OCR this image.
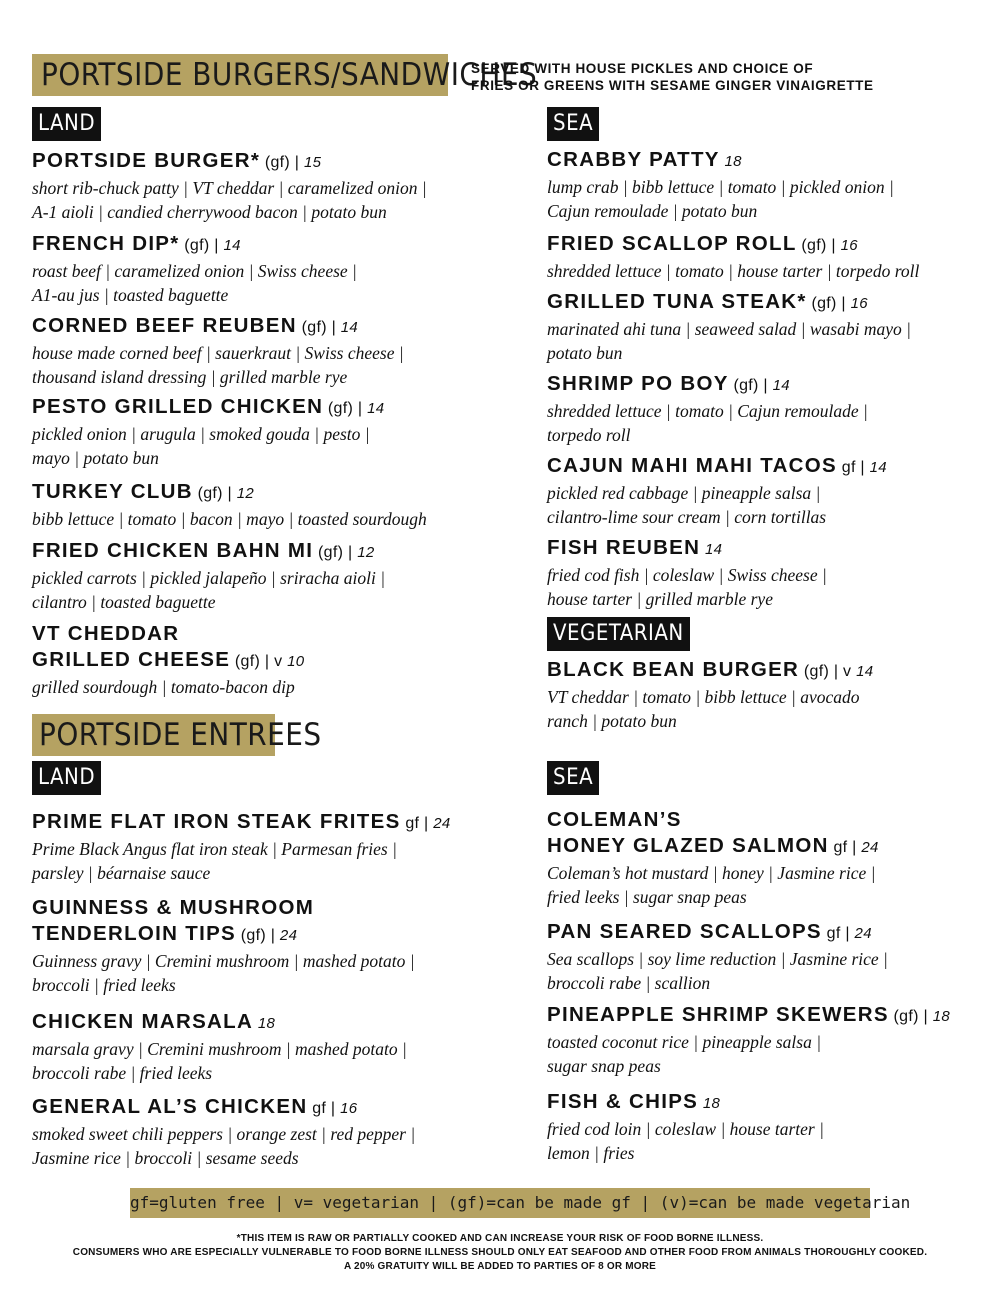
PORTSIDE BURGERS/SANDWICHES
SERVED WITH HOUSE PICKLES AND CHOICE OF
FRIES OR GREENS WITH SESAME GINGER VINAIGRETTE
LAND	SEA
VEGETARIAN
PORTSIDE ENTREES
LAND	SEA
PORTSIDE BURGER* (gf) | 15
short rib-chuck patty | VT cheddar | caramelized onion |
A-1 aioli | candied cherrywood bacon | potato bun
FRENCH DIP* (gf) | 14
roast beef | caramelized onion | Swiss cheese |
A1-au jus | toasted baguette
CORNED BEEF REUBEN (gf) | 14
house made corned beef | sauerkraut | Swiss cheese |
thousand island dressing | grilled marble rye
PESTO GRILLED CHICKEN (gf) | 14
pickled onion | arugula | smoked gouda | pesto |
mayo | potato bun
TURKEY CLUB (gf) | 12
bibb lettuce | tomato | bacon | mayo | toasted sourdough
FRIED CHICKEN BAHN MI (gf) | 12
pickled carrots | pickled jalapeño | sriracha aioli |
cilantro | toasted baguette
VT CHEDDAR
GRILLED CHEESE (gf) | v 10
grilled sourdough | tomato-bacon dip
CRABBY PATTY 18
lump crab | bibb lettuce | tomato | pickled onion |
Cajun remoulade | potato bun
FRIED SCALLOP ROLL (gf) | 16
shredded lettuce | tomato | house tarter | torpedo roll
GRILLED TUNA STEAK* (gf) | 16
marinated ahi tuna | seaweed salad | wasabi mayo |
potato bun
SHRIMP PO BOY (gf) | 14
shredded lettuce | tomato | Cajun remoulade |
torpedo roll
CAJUN MAHI MAHI TACOS gf | 14
pickled red cabbage | pineapple salsa |
cilantro-lime sour cream | corn tortillas
FISH REUBEN 14
fried cod fish | coleslaw | Swiss cheese |
house tarter | grilled marble rye
BLACK BEAN BURGER (gf) | v 14
VT cheddar | tomato | bibb lettuce | avocado
ranch | potato bun
PRIME FLAT IRON STEAK FRITES gf | 24
Prime Black Angus flat iron steak | Parmesan fries |
parsley | béarnaise sauce
GUINNESS & MUSHROOM
TENDERLOIN TIPS (gf) | 24
Guinness gravy | Cremini mushroom | mashed potato |
broccoli | fried leeks
CHICKEN MARSALA 18
marsala gravy | Cremini mushroom | mashed potato |
broccoli rabe | fried leeks
GENERAL AL’S CHICKEN gf | 16
smoked sweet chili peppers | orange zest | red pepper |
Jasmine rice | broccoli | sesame seeds
COLEMAN’S
HONEY GLAZED SALMON gf | 24
Coleman’s hot mustard | honey | Jasmine rice |
fried leeks | sugar snap peas
PAN SEARED SCALLOPS gf | 24
Sea scallops | soy lime reduction | Jasmine rice |
broccoli rabe | scallion
PINEAPPLE SHRIMP SKEWERS (gf) | 18
toasted coconut rice | pineapple salsa |
sugar snap peas
FISH & CHIPS 18
fried cod loin | coleslaw | house tarter |
lemon | fries
gf=gluten free | v= vegetarian | (gf)=can be made gf | (v)=can be made vegetarian
*THIS ITEM IS RAW OR PARTIALLY COOKED AND CAN INCREASE YOUR RISK OF FOOD BORNE ILLNESS.
CONSUMERS WHO ARE ESPECIALLY VULNERABLE TO FOOD BORNE ILLNESS SHOULD ONLY EAT SEAFOOD AND OTHER FOOD FROM ANIMALS THOROUGHLY COOKED.
A 20% GRATUITY WILL BE ADDED TO PARTIES OF 8 OR MORE
